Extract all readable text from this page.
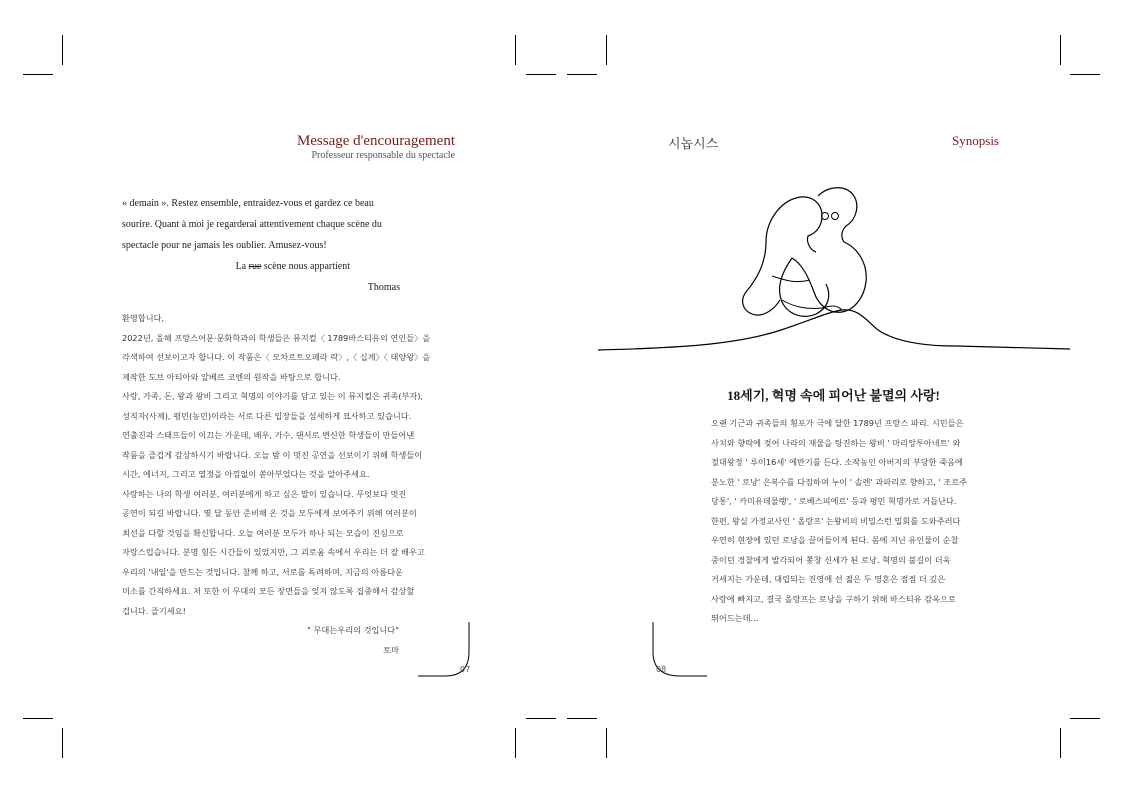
Message d'encouragement
Professeur responsable du spectacle

« demain ». Restez ensemble, entraidez-vous et gardez ce beau

sourire. Quant à moi je regarderai attentivement chaque scène du

spectacle pour ne jamais les oublier. Amusez-vous!

La rue scène nous appartient

Thomas

환영합니다,

2022년, 올해 프랑스어문·문화학과의 학생들은 뮤지컬〈 1789바스티유의 연인들〉을

각색하여 선보이고자 합니다. 이 작품은〈 모차르트오페라 락〉,〈 십계〉〈 태양왕〉을

제작한 도브 아티아와 알베르 코엔의 원작을 바탕으로 합니다.

사랑, 가족, 돈, 왕과 왕비 그리고 혁명의 이야기를 담고 있는 이 뮤지컬은 귀족(부자),

성직자(사제), 평민(농민)이라는 서로 다른 입장들을 섬세하게 묘사하고 있습니다.

연출진과 스태프들이 이끄는 가운데, 배우, 가수, 댄서로 변신한 학생들이 만들어낸

작품을 즐겁게 감상하시기 바랍니다. 오늘 밤 이 멋진 공연을 선보이기 위해 학생들이

시간, 에너지, 그리고 열정을 아낌없이 쏟아부었다는 것을 알아주세요.

사랑하는 나의 학생 여러분, 여러분에게 하고 싶은 말이 있습니다. 무엇보다 멋진

공연이 되길 바랍니다. 몇 달 동안 준비해 온 것을 모두에게 보여주기 위해 여러분이

최선을 다할 것임을 확신합니다. 오늘 여러분 모두가 하나 되는 모습이 진심으로

자랑스럽습니다. 분명 힘든 시간들이 있었지만, 그 괴로움 속에서 우리는 더 잘 배우고

우리의 '내일'을 만드는 것입니다. 참께 하고, 서로를 독려하며, 지금의 아름다운

미소를 간직하세요. 저 또한 이 무대의 모든 장면들을 잊지 않도록 집중해서 감상할

겁니다. 즐기세요!

" 무대는우리의 것입니다"

토마

07
시놉시스	Synopsis
18세기, 혁명 속에 피어난 불멸의 사랑!

오랜 기근과 귀족들의 횡포가 극에 달한 1789년 프랑스 파리. 시민들은

사치와 향락에 젖어 나라의 재물을 탕진하는 왕비 ' 마리앙투아네트' 와

절대왕정 ' 루이16세' 에반기를 든다. 소작농인 아버지의 부당한 죽음에

분노한 ' 로낭' 은복수를 다짐하며 누이 ' 솔렌' 과파리로 향하고, ' 조르주

당통', ' 카미유데물랭', ' 로베스피에르' 등과 평민 혁명가로 거듭난다.

한편, 왕실 가정교사인 ' 올랑프' 는왕비의 비밀스런 밀회를 도와주러다

우연히 현장에 있던 로낭을 끌어들이게 된다. 몸에 지닌 유인물이 순찰

중이던 경찰에게 발각되어 쫓창 신세가 된 로낭. 혁명의 불길이 더욱

거세지는 가운데, 대립되는 진영에 선 젊은 두 영혼은 점점 더 깊은

사랑에 빠지고, 결국 올랑프는 로낭을 구하기 위해 바스티유 감옥으로

뛰어드는데...

08
